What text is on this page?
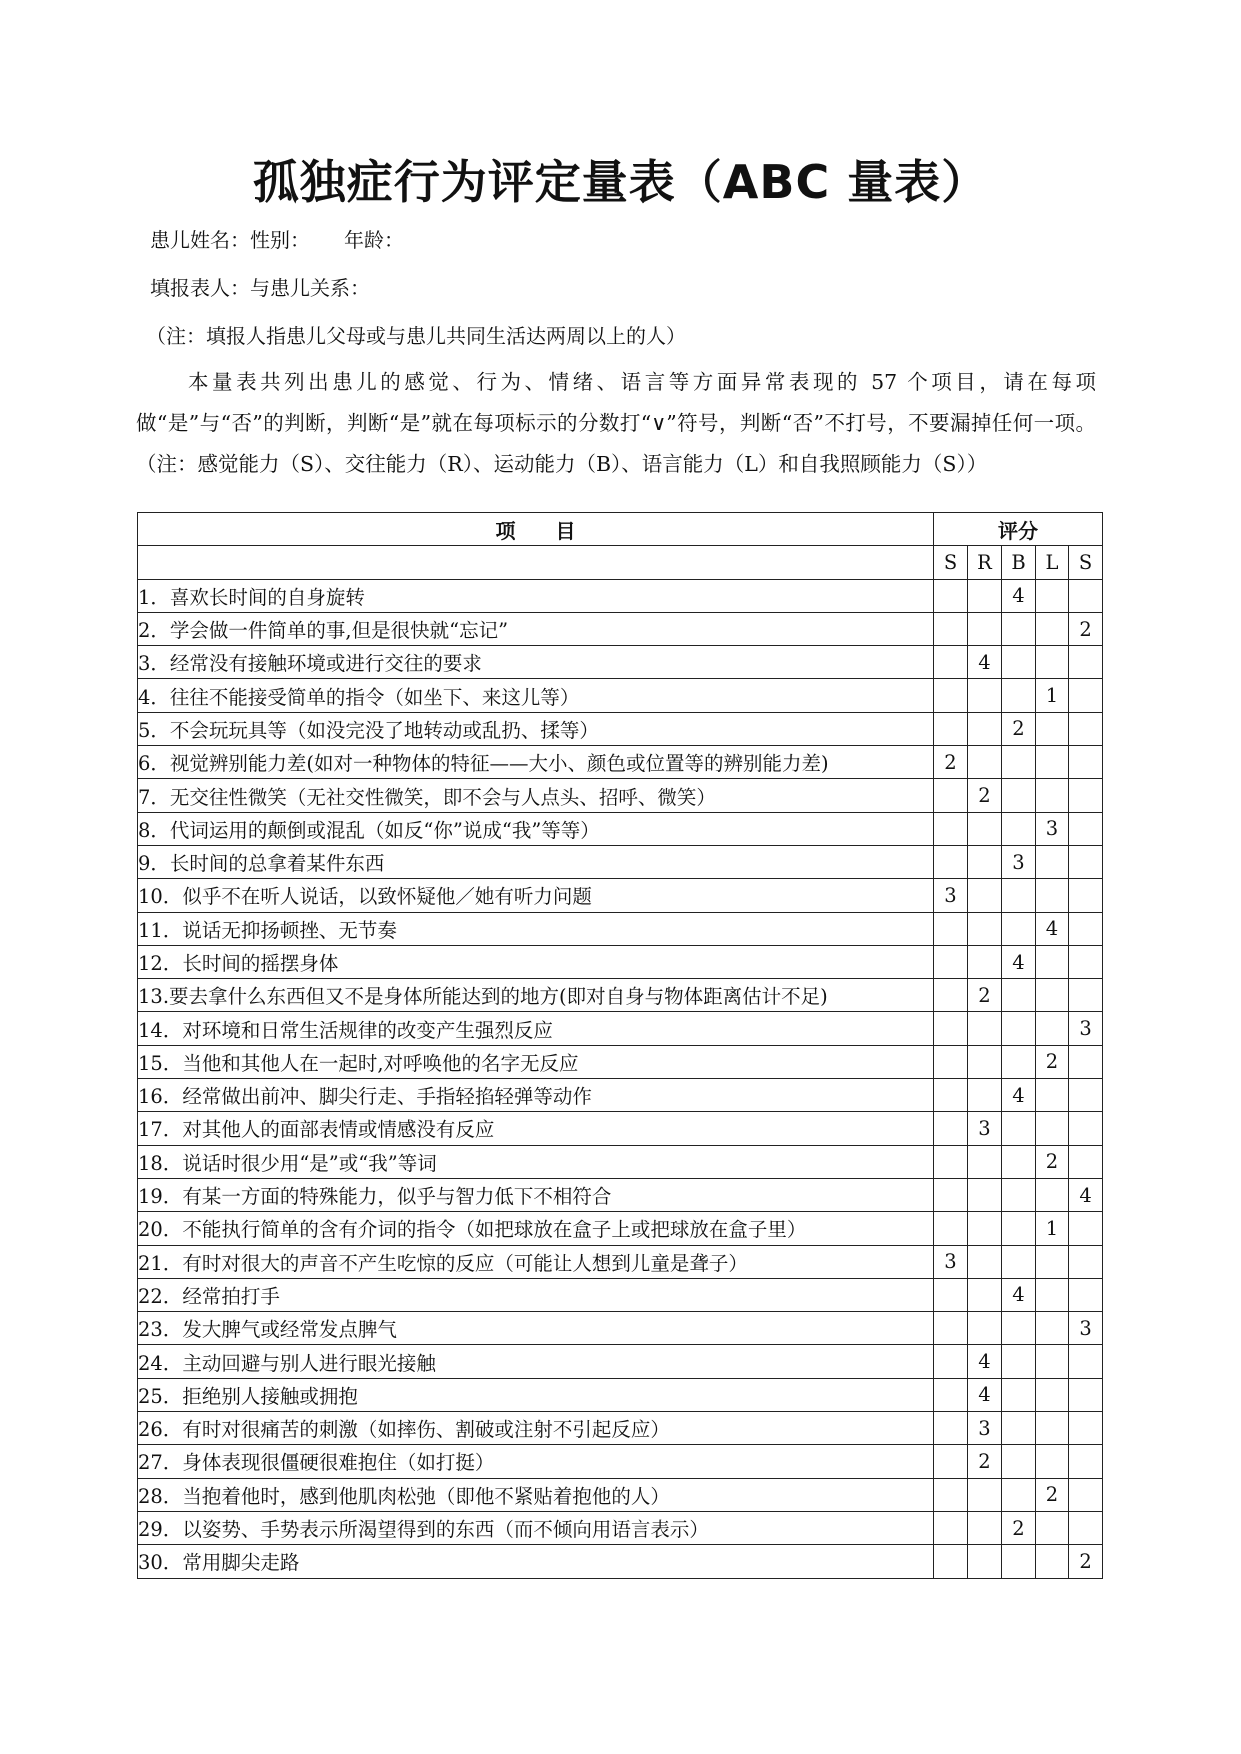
孤独症行为评定量表（ABC 量表）
患儿姓名：性别： 年龄：
填报表人：与患儿关系：
（注：填报人指患儿父母或与患儿共同生活达两周以上的人）

本量表共列出患儿的感觉、行为、情绪、语言等方面异常表现的 57 个项目，请在每项做“是”与“否”的判断，判断“是”就在每项标示的分数打“∨”符号，判断“否”不打号，不要漏掉任何一项。（注：感觉能力（S）、交往能力（R）、运动能力（B）、语言能力（L）和自我照顾能力（S））

项　　目	评分				
	S	R	B	L	S
1．喜欢长时间的自身旋转			4		
2．学会做一件简单的事,但是很快就“忘记”					2
3．经常没有接触环境或进行交往的要求		4			
4．往往不能接受简单的指令（如坐下、来这儿等）				1	
5．不会玩玩具等（如没完没了地转动或乱扔、揉等）			2		
6．视觉辨别能力差(如对一种物体的特征——大小、颜色或位置等的辨别能力差)	2				
7．无交往性微笑（无社交性微笑，即不会与人点头、招呼、微笑）		2			
8．代词运用的颠倒或混乱（如反“你”说成“我”等等）				3	
9．长时间的总拿着某件东西			3		
10．似乎不在听人说话，以致怀疑他／她有听力问题	3				
11．说话无抑扬顿挫、无节奏				4	
12．长时间的摇摆身体			4		
13.要去拿什么东西但又不是身体所能达到的地方(即对自身与物体距离估计不足)		2			
14．对环境和日常生活规律的改变产生强烈反应					3
15．当他和其他人在一起时,对呼唤他的名字无反应				2	
16．经常做出前冲、脚尖行走、手指轻掐轻弹等动作			4		
17．对其他人的面部表情或情感没有反应		3			
18．说话时很少用“是”或“我”等词				2	
19．有某一方面的特殊能力，似乎与智力低下不相符合					4
20．不能执行简单的含有介词的指令（如把球放在盒子上或把球放在盒子里）				1	
21．有时对很大的声音不产生吃惊的反应（可能让人想到儿童是聋子）	3				
22．经常拍打手			4		
23．发大脾气或经常发点脾气					3
24．主动回避与别人进行眼光接触		4			
25．拒绝别人接触或拥抱		4			
26．有时对很痛苦的刺激（如摔伤、割破或注射不引起反应）		3			
27．身体表现很僵硬很难抱住（如打挺）		2			
28．当抱着他时，感到他肌肉松弛（即他不紧贴着抱他的人）				2	
29．以姿势、手势表示所渴望得到的东西（而不倾向用语言表示）			2		
30．常用脚尖走路					2
